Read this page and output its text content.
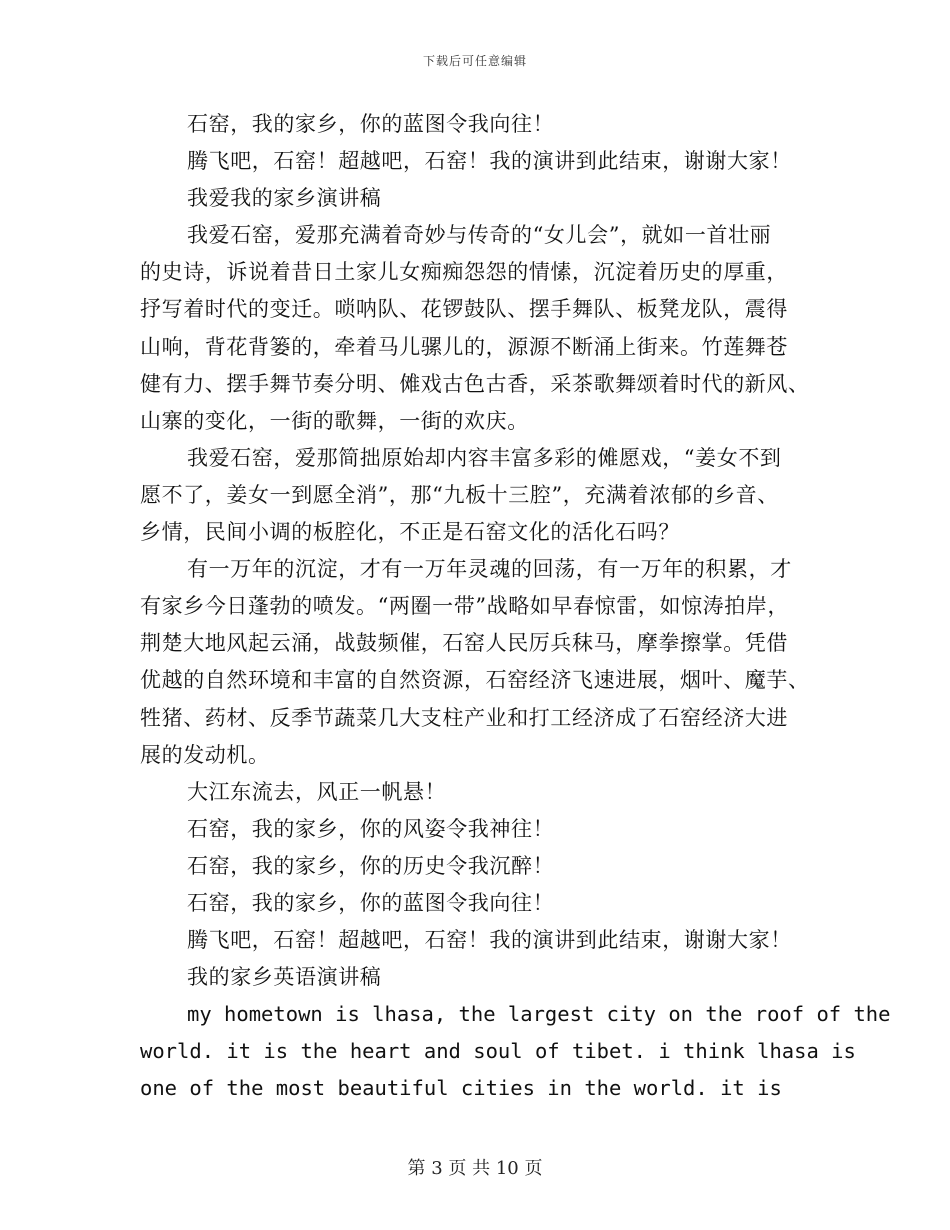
下载后可任意编辑
石窑，我的家乡，你的蓝图令我向往！
腾飞吧，石窑！超越吧，石窑！我的演讲到此结束，谢谢大家！
我爱我的家乡演讲稿
我爱石窑，爱那充满着奇妙与传奇的“女儿会”，就如一首壮丽
的史诗，诉说着昔日土家儿女痴痴怨怨的情愫，沉淀着历史的厚重，
抒写着时代的变迁。唢呐队、花锣鼓队、摆手舞队、板凳龙队，震得
山响，背花背篓的，牵着马儿骡儿的，源源不断涌上街来。竹莲舞苍
健有力、摆手舞节奏分明、傩戏古色古香，采茶歌舞颂着时代的新风、
山寨的变化，一街的歌舞，一街的欢庆。
我爱石窑，爱那简拙原始却内容丰富多彩的傩愿戏，“姜女不到
愿不了，姜女一到愿全消”，那“九板十三腔”，充满着浓郁的乡音、
乡情，民间小调的板腔化，不正是石窑文化的活化石吗？
有一万年的沉淀，才有一万年灵魂的回荡，有一万年的积累，才
有家乡今日蓬勃的喷发。“两圈一带”战略如早春惊雷，如惊涛拍岸，
荆楚大地风起云涌，战鼓频催，石窑人民厉兵秣马，摩拳擦掌。凭借
优越的自然环境和丰富的自然资源，石窑经济飞速进展，烟叶、魔芋、
牲猪、药材、反季节蔬菜几大支柱产业和打工经济成了石窑经济大进
展的发动机。
大江东流去，风正一帆悬！
石窑，我的家乡，你的风姿令我神往！
石窑，我的家乡，你的历史令我沉醉！
石窑，我的家乡，你的蓝图令我向往！
腾飞吧，石窑！超越吧，石窑！我的演讲到此结束，谢谢大家！
我的家乡英语演讲稿
my hometown is lhasa, the largest city on the roof of the
world. it is the heart and soul of tibet. i think lhasa is
one of the most beautiful cities in the world. it is
第 3 页 共 10 页
